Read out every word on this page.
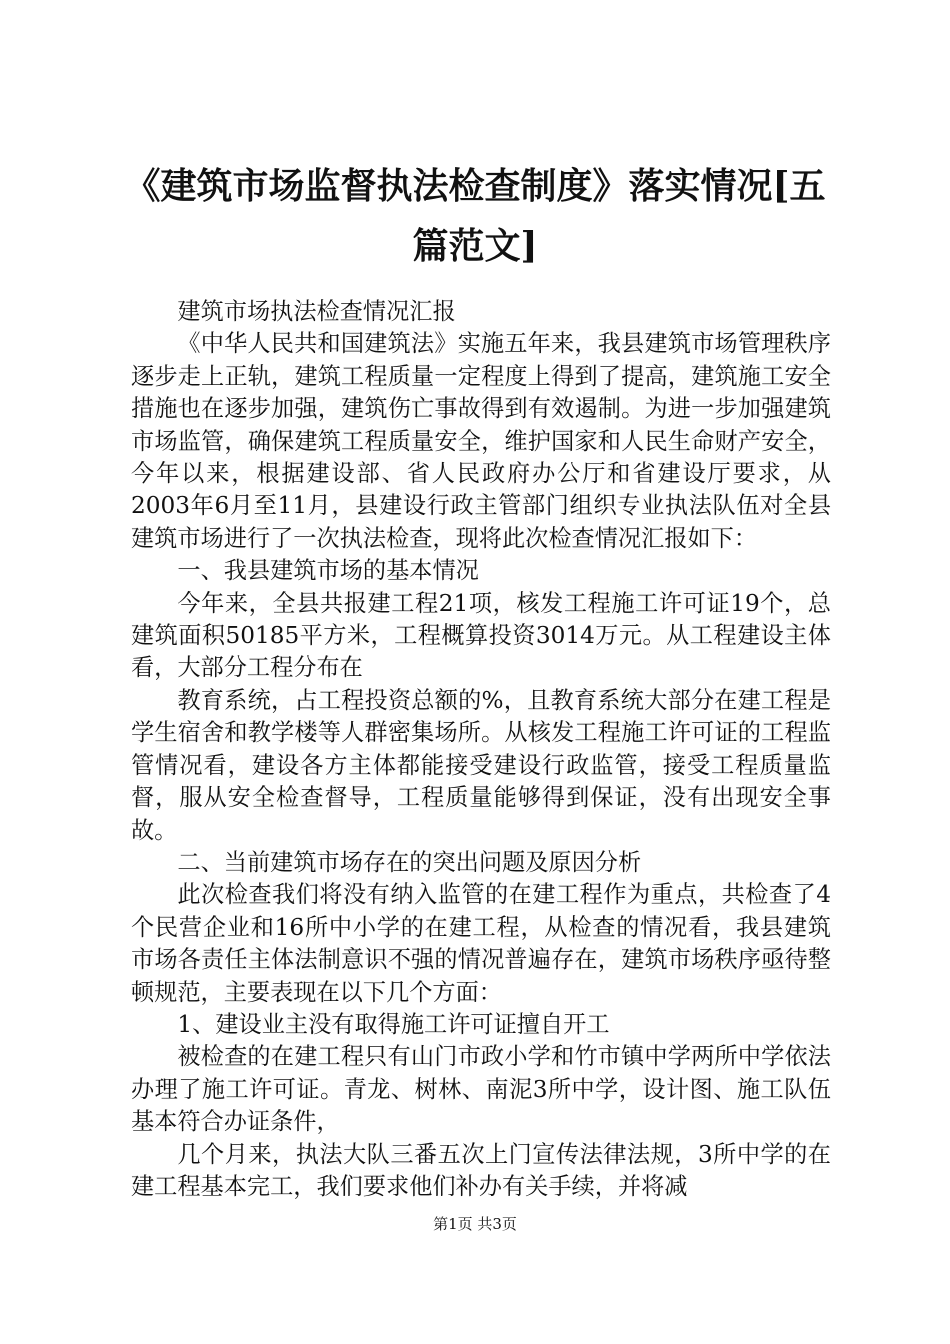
《建筑市场监督执法检查制度》落实情况[五篇范文]

建筑市场执法检查情况汇报

《中华人民共和国建筑法》实施五年来，我县建筑市场管理秩序逐步走上正轨，建筑工程质量一定程度上得到了提高，建筑施工安全措施也在逐步加强，建筑伤亡事故得到有效遏制。为进一步加强建筑市场监管，确保建筑工程质量安全，维护国家和人民生命财产安全，今年以来，根据建设部、省人民政府办公厅和省建设厅要求，从2003年6月至11月，县建设行政主管部门组织专业执法队伍对全县建筑市场进行了一次执法检查，现将此次检查情况汇报如下：

一、我县建筑市场的基本情况

今年来，全县共报建工程21项，核发工程施工许可证19个，总建筑面积50185平方米，工程概算投资3014万元。从工程建设主体看，大部分工程分布在

教育系统，占工程投资总额的%，且教育系统大部分在建工程是学生宿舍和教学楼等人群密集场所。从核发工程施工许可证的工程监管情况看，建设各方主体都能接受建设行政监管，接受工程质量监督，服从安全检查督导，工程质量能够得到保证，没有出现安全事故。

二、当前建筑市场存在的突出问题及原因分析

此次检查我们将没有纳入监管的在建工程作为重点，共检查了4个民营企业和16所中小学的在建工程，从检查的情况看，我县建筑市场各责任主体法制意识不强的情况普遍存在，建筑市场秩序亟待整顿规范，主要表现在以下几个方面：

1、建设业主没有取得施工许可证擅自开工

被检查的在建工程只有山门市政小学和竹市镇中学两所中学依法办理了施工许可证。青龙、树林、南泥3所中学，设计图、施工队伍基本符合办证条件，

几个月来，执法大队三番五次上门宣传法律法规，3所中学的在建工程基本完工，我们要求他们补办有关手续，并将减

第1页 共3页
